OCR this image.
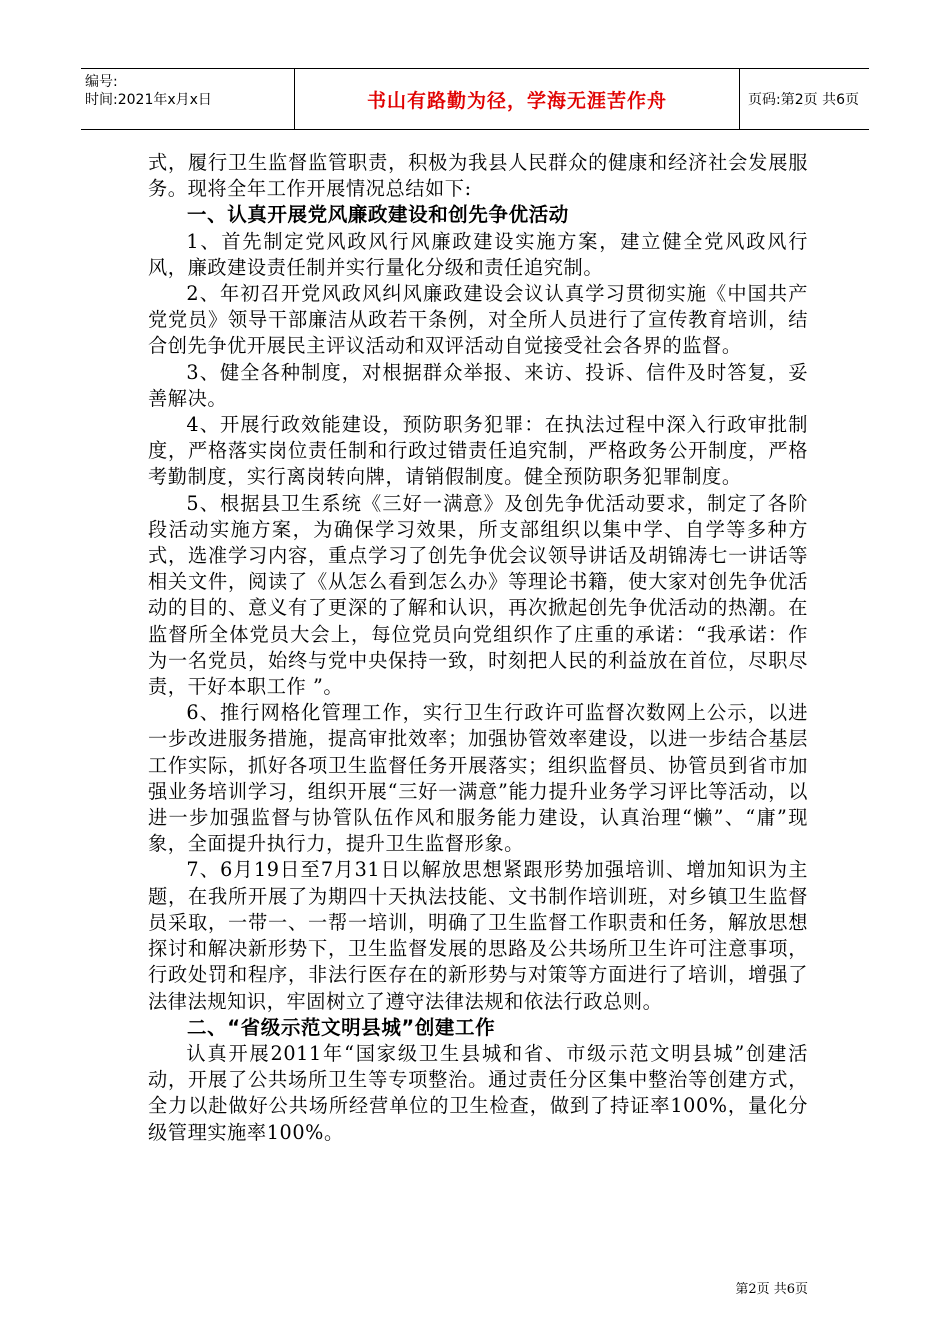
编号:
时间:2021年x月x日	书山有路勤为径，学海无涯苦作舟	页码:第2页 共6页

式，履行卫生监督监管职责，积极为我县人民群众的健康和经济社会发展服务。现将全年工作开展情况总结如下:

一、认真开展党风廉政建设和创先争优活动

1、首先制定党风政风行风廉政建设实施方案，建立健全党风政风行风，廉政建设责任制并实行量化分级和责任追究制。

2、年初召开党风政风纠风廉政建设会议认真学习贯彻实施《中国共产党党员》领导干部廉洁从政若干条例，对全所人员进行了宣传教育培训，结合创先争优开展民主评议活动和双评活动自觉接受社会各界的监督。

3、健全各种制度，对根据群众举报、来访、投诉、信件及时答复，妥善解决。

4、开展行政效能建设，预防职务犯罪：在执法过程中深入行政审批制度，严格落实岗位责任制和行政过错责任追究制，严格政务公开制度，严格考勤制度，实行离岗转向牌，请销假制度。健全预防职务犯罪制度。

5、根据县卫生系统《三好一满意》及创先争优活动要求，制定了各阶段活动实施方案，为确保学习效果，所支部组织以集中学、自学等多种方式，选准学习内容，重点学习了创先争优会议领导讲话及胡锦涛七一讲话等相关文件，阅读了《从怎么看到怎么办》等理论书籍，使大家对创先争优活动的目的、意义有了更深的了解和认识，再次掀起创先争优活动的热潮。在监督所全体党员大会上，每位党员向党组织作了庄重的承诺：“我承诺：作为一名党员，始终与党中央保持一致，时刻把人民的利益放在首位，尽职尽责，干好本职工作 ”。

6、推行网格化管理工作，实行卫生行政许可监督次数网上公示，以进一步改进服务措施，提高审批效率；加强协管效率建设，以进一步结合基层工作实际，抓好各项卫生监督任务开展落实；组织监督员、协管员到省市加强业务培训学习，组织开展“三好一满意”能力提升业务学习评比等活动，以进一步加强监督与协管队伍作风和服务能力建设，认真治理“懒”、“庸”现象，全面提升执行力，提升卫生监督形象。

7、6月19日至7月31日以解放思想紧跟形势加强培训、增加知识为主题，在我所开展了为期四十天执法技能、文书制作培训班，对乡镇卫生监督员采取，一带一、一帮一培训，明确了卫生监督工作职责和任务，解放思想探讨和解决新形势下，卫生监督发展的思路及公共场所卫生许可注意事项，行政处罚和程序，非法行医存在的新形势与对策等方面进行了培训，增强了法律法规知识，牢固树立了遵守法律法规和依法行政总则。

二、“省级示范文明县城”创建工作

认真开展2011年“国家级卫生县城和省、市级示范文明县城”创建活动，开展了公共场所卫生等专项整治。通过责任分区集中整治等创建方式，全力以赴做好公共场所经营单位的卫生检查，做到了持证率100%，量化分级管理实施率100%。

第2页 共6页
